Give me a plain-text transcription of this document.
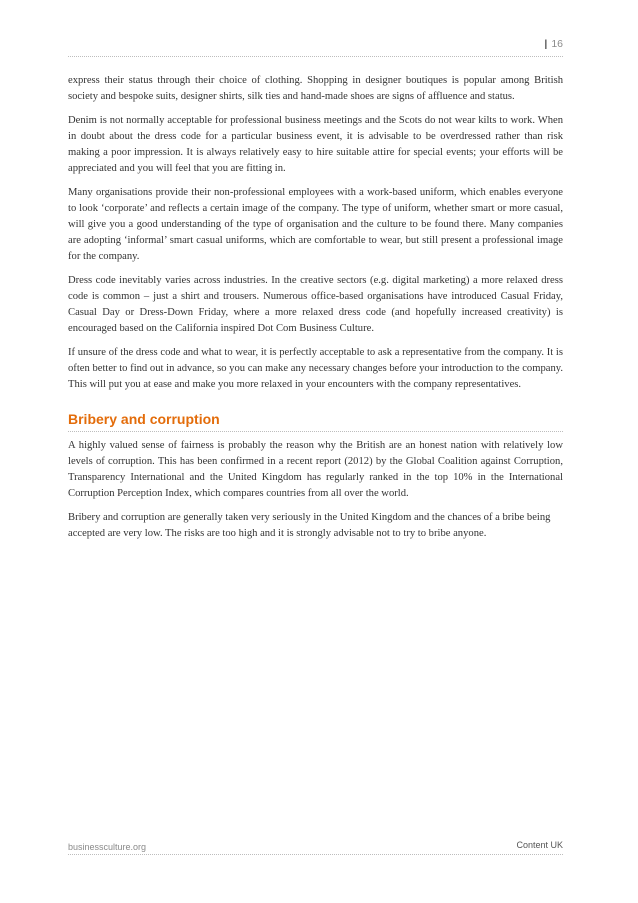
| 16

express their status through their choice of clothing. Shopping in designer boutiques is popular among British society and bespoke suits, designer shirts, silk ties and hand-made shoes are signs of affluence and status.

Denim is not normally acceptable for professional business meetings and the Scots do not wear kilts to work. When in doubt about the dress code for a particular business event, it is advisable to be overdressed rather than risk making a poor impression. It is always relatively easy to hire suitable attire for special events; your efforts will be appreciated and you will feel that you are fitting in.

Many organisations provide their non-professional employees with a work-based uniform, which enables everyone to look ‘corporate’ and reflects a certain image of the company. The type of uniform, whether smart or more casual, will give you a good understanding of the type of organisation and the culture to be found there. Many companies are adopting ‘informal’ smart casual uniforms, which are comfortable to wear, but still present a professional image for the company.

Dress code inevitably varies across industries. In the creative sectors (e.g. digital marketing) a more relaxed dress code is common – just a shirt and trousers. Numerous office-based organisations have introduced Casual Friday, Casual Day or Dress-Down Friday, where a more relaxed dress code (and hopefully increased creativity) is encouraged based on the California inspired Dot Com Business Culture.

If unsure of the dress code and what to wear, it is perfectly acceptable to ask a representative from the company. It is often better to find out in advance, so you can make any necessary changes before your introduction to the company. This will put you at ease and make you more relaxed in your encounters with the company representatives.

Bribery and corruption

A highly valued sense of fairness is probably the reason why the British are an honest nation with relatively low levels of corruption. This has been confirmed in a recent report (2012) by the Global Coalition against Corruption, Transparency International and the United Kingdom has regularly ranked in the top 10% in the International Corruption Perception Index, which compares countries from all over the world.

Bribery and corruption are generally taken very seriously in the United Kingdom and the chances of a bribe being accepted are very low. The risks are too high and it is strongly advisable not to try to bribe anyone.

businessculture.org	Content UK
